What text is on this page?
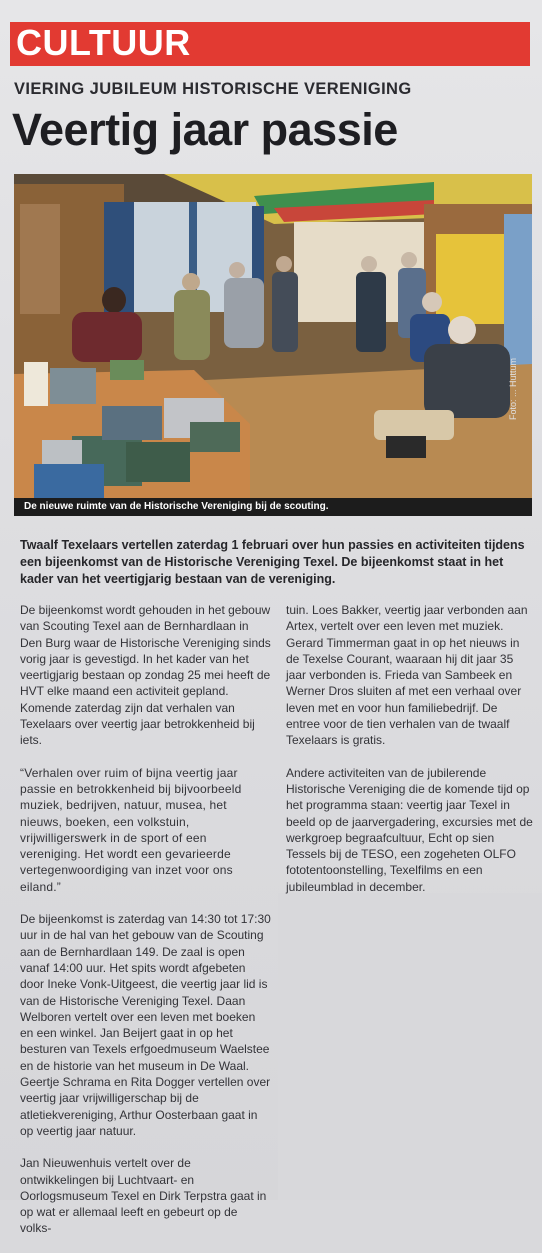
CULTUUR
VIERING JUBILEUM HISTORISCHE VERENIGING
Veertig jaar passie
Foto: ... Huttum
De nieuwe ruimte van de Historische Vereniging bij de scouting.

Twaalf Texelaars vertellen zaterdag 1 februari over hun passies en activiteiten tijdens een bijeenkomst van de Historische Vereniging Texel. De bijeenkomst staat in het kader van het veertigjarig bestaan van de vereniging.

De bijeenkomst wordt gehouden in het gebouw van Scouting Texel aan de Bernhardlaan in Den Burg waar de Historische Vereniging sinds vorig jaar is gevestigd. In het kader van het veertigjarig bestaan op zondag 25 mei heeft de HVT elke maand een activiteit gepland. Komende zaterdag zijn dat verhalen van Texelaars over veertig jaar betrokkenheid bij iets.

“Verhalen over ruim of bijna veertig jaar passie en betrokkenheid bij bijvoorbeeld muziek, bedrijven, natuur, musea, het nieuws, boeken, een volkstuin, vrijwilligerswerk in de sport of een vereniging. Het wordt een gevarieerde vertegenwoordiging van inzet voor ons eiland.”

De bijeenkomst is zaterdag van 14:30 tot 17:30 uur in de hal van het gebouw van de Scouting aan de Bernhardlaan 149. De zaal is open vanaf 14:00 uur. Het spits wordt afgebeten door Ineke Vonk-Uitgeest, die veertig jaar lid is van de Historische Vereniging Texel. Daan Welboren vertelt over een leven met boeken en een winkel. Jan Beijert gaat in op het besturen van Texels erfgoedmuseum Waelstee en de historie van het museum in De Waal. Geertje Schrama en Rita Dogger vertellen over veertig jaar vrijwilligerschap bij de atletiekvereniging, Arthur Oosterbaan gaat in op veertig jaar natuur.

Jan Nieuwenhuis vertelt over de ontwikkelingen bij Luchtvaart- en Oorlogsmuseum Texel en Dirk Terpstra gaat in op wat er allemaal leeft en gebeurt op de volks-

tuin. Loes Bakker, veertig jaar verbonden aan Artex, vertelt over een leven met muziek. Gerard Timmerman gaat in op het nieuws in de Texelse Courant, waaraan hij dit jaar 35 jaar verbonden is. Frieda van Sambeek en Werner Dros sluiten af met een verhaal over leven met en voor hun familiebedrijf. De entree voor de tien verhalen van de twaalf Texelaars is gratis.

Andere activiteiten van de jubilerende Historische Vereniging die de komende tijd op het programma staan: veertig jaar Texel in beeld op de jaarvergadering, excursies met de werkgroep begraafcultuur, Echt op sien Tessels bij de TESO, een zogeheten OLFO fototentoonstelling, Texelfilms en een jubileumblad in december.
